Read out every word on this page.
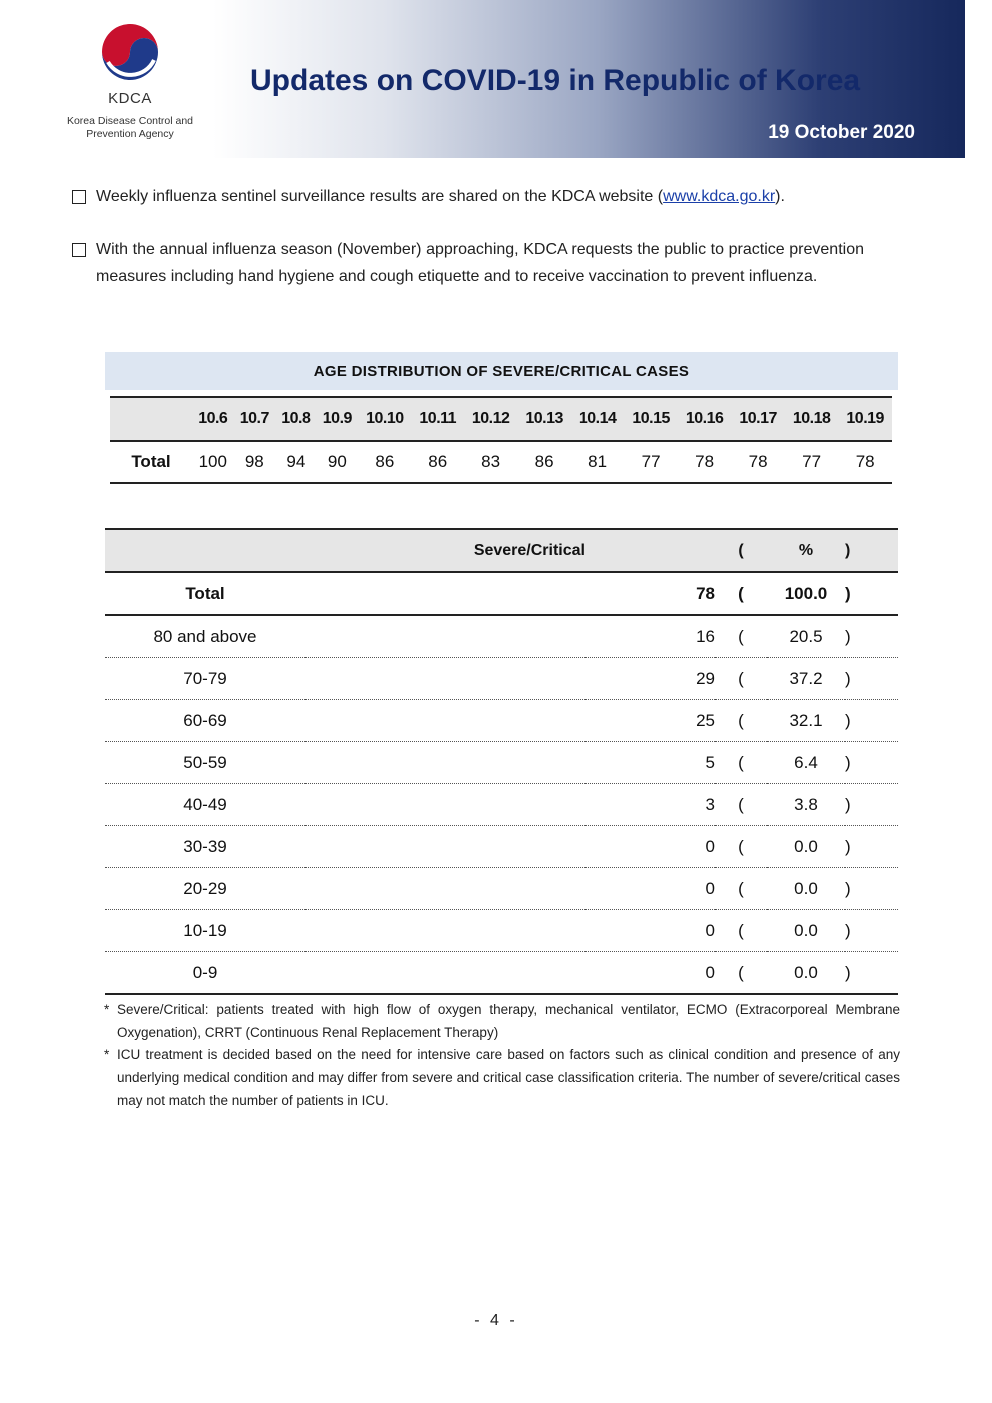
KDCA
Korea Disease Control and
Prevention Agency
Updates on COVID-19 in Republic of Korea
19 October 2020
Weekly influenza sentinel surveillance results are shared on the KDCA website (www.kdca.go.kr).
With the annual influenza season (November) approaching, KDCA requests the public to practice prevention measures including hand hygiene and cough etiquette and to receive vaccination to prevent influenza.
AGE DISTRIBUTION OF SEVERE/CRITICAL CASES
	10.6	10.7	10.8	10.9	10.10	10.11	10.12	10.13	10.14	10.15	10.16	10.17	10.18	10.19
Total	100	98	94	90	86	86	83	86	81	77	78	78	77	78
	Severe/Critical		(	%	)	
Total		78	(	100.0	)	
80 and above		16	(	20.5	)	
70-79		29	(	37.2	)	
60-69		25	(	32.1	)	
50-59		5	(	6.4	)	
40-49		3	(	3.8	)	
30-39		0	(	0.0	)	
20-29		0	(	0.0	)	
10-19		0	(	0.0	)	
0-9		0	(	0.0	)	
* Severe/Critical: patients treated with high flow of oxygen therapy, mechanical ventilator, ECMO (Extracorporeal Membrane Oxygenation), CRRT (Continuous Renal Replacement Therapy)
* ICU treatment is decided based on the need for intensive care based on factors such as clinical condition and presence of any underlying medical condition and may differ from severe and critical case classification criteria. The number of severe/critical cases may not match the number of patients in ICU.
- 4 -
